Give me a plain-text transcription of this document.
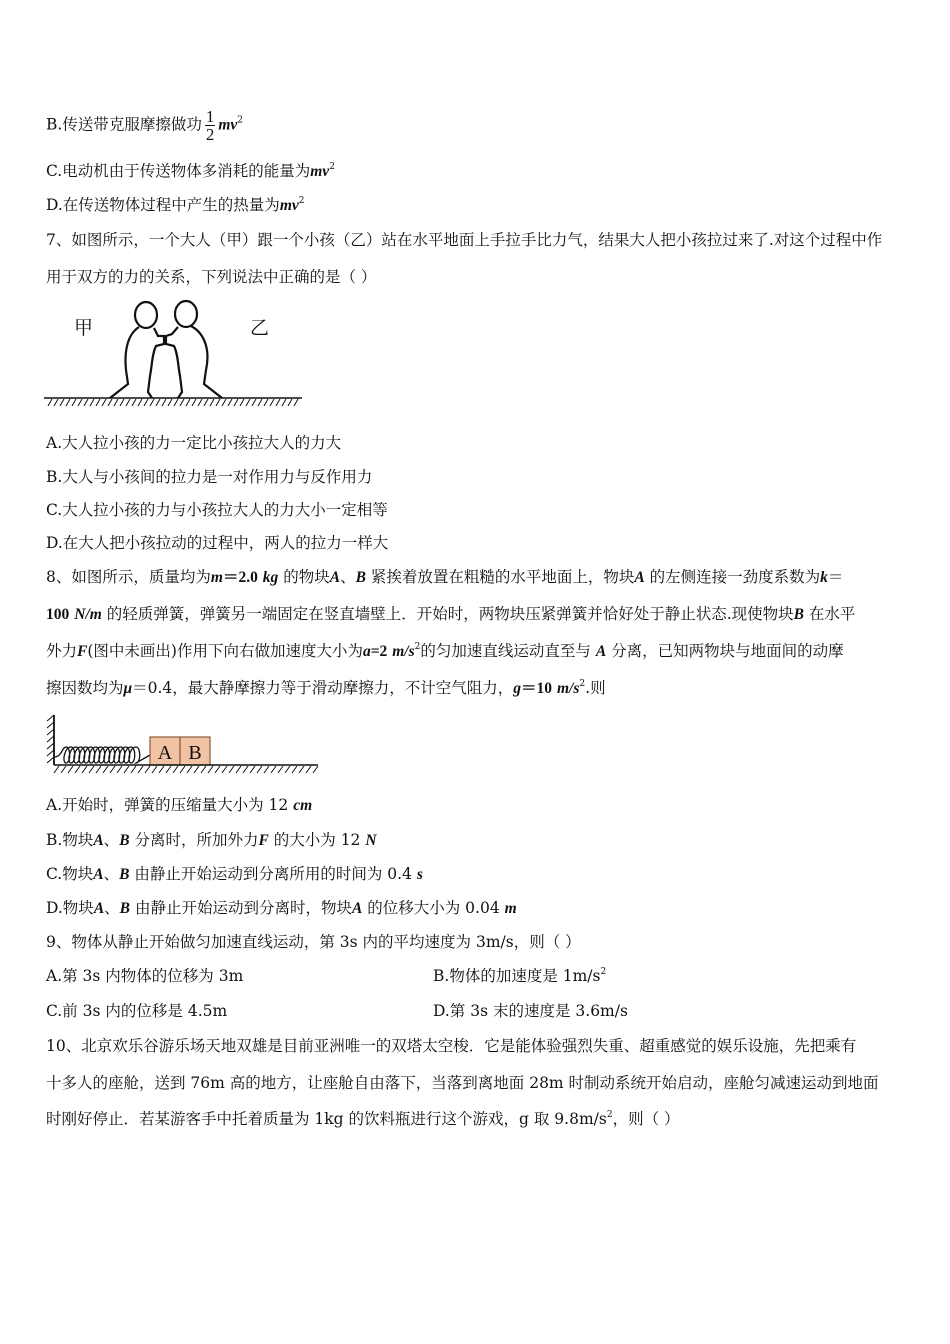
B.传送带克服摩擦做功 $\frac{1}{2} mv^2$
C.电动机由于传送物体多消耗的能量为$mv^2$
D.在传送物体过程中产生的热量为$mv^2$
7、如图所示，一个大人（甲）跟一个小孩（乙）站在水平地面上手拉手比力气，结果大人把小孩拉过来了.对这个过程中作
用于双方的力的关系，下列说法中正确的是（ ）
甲	乙
A.大人拉小孩的力一定比小孩拉大人的力大
B.大人与小孩间的拉力是一对作用力与反作用力
C.大人拉小孩的力与小孩拉大人的力大小一定相等
D.在大人把小孩拉动的过程中，两人的拉力一样大
8、如图所示，质量均为m＝2.0 kg 的物块A、B 紧挨着放置在粗糙的水平地面上，物块A 的左侧连接一劲度系数为k＝
100 N/m 的轻质弹簧，弹簧另一端固定在竖直墙壁上．开始时，两物块压紧弹簧并恰好处于静止状态.现使物块B 在水平
外力F(图中未画出)作用下向右做加速度大小为a=2 $m/s^2$的匀加速直线运动直至与 A 分离，已知两物块与地面间的动摩
擦因数均为μ＝0.4，最大静摩擦力等于滑动摩擦力，不计空气阻力，g＝10 $m/s^2$.则
A B
A.开始时，弹簧的压缩量大小为 12 cm
B.物块A、B 分离时，所加外力F 的大小为 12 N
C.物块A、B 由静止开始运动到分离所用的时间为 0.4 s
D.物块A、B 由静止开始运动到分离时，物块A 的位移大小为 0.04 m
9、物体从静止开始做匀加速直线运动，第 3s 内的平均速度为 3m/s，则（ ）
A.第 3s 内物体的位移为 3m	B.物体的加速度是 $1m/s^2$
C.前 3s 内的位移是 4.5m	D.第 3s 末的速度是 3.6m/s
10、北京欢乐谷游乐场天地双雄是目前亚洲唯一的双塔太空梭．它是能体验强烈失重、超重感觉的娱乐设施，先把乘有
十多人的座舱，送到 76m 高的地方，让座舱自由落下，当落到离地面 28m 时制动系统开始启动，座舱匀减速运动到地面
时刚好停止．若某游客手中托着质量为 1kg 的饮料瓶进行这个游戏，g 取 $9.8m/s^2$，则（ ）
